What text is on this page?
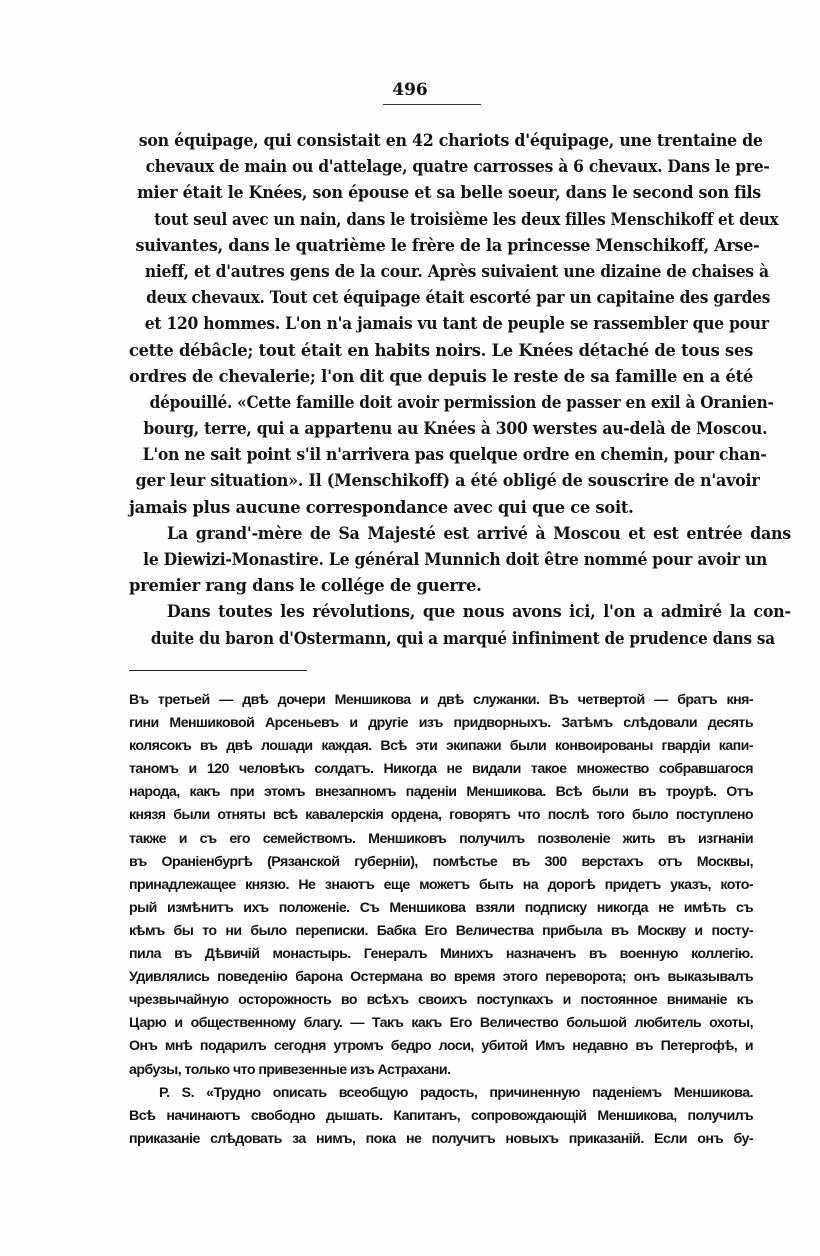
496
son équipage, qui consistait en 42 chariots d'équipage, une trentaine de
chevaux de main ou d'attelage, quatre carrosses à 6 chevaux. Dans le pre-
mier était le Knées, son épouse et sa belle soeur, dans le second son fils
tout seul avec un nain, dans le troisième les deux filles Menschikoff et deux
suivantes, dans le quatrième le frère de la princesse Menschikoff, Arse-
nieff, et d'autres gens de la cour. Après suivaient une dizaine de chaises à
deux chevaux. Tout cet équipage était escorté par un capitaine des gardes
et 120 hommes. L'on n'a jamais vu tant de peuple se rassembler que pour
cette débâcle; tout était en habits noirs. Le Knées détaché de tous ses
ordres de chevalerie; l'on dit que depuis le reste de sa famille en a été
dépouillé. «Cette famille doit avoir permission de passer en exil à Oranien-
bourg, terre, qui a appartenu au Knées à 300 werstes au-delà de Moscou.
L'on ne sait point s'il n'arrivera pas quelque ordre en chemin, pour chan-
ger leur situation». Il (Menschikoff) a été obligé de souscrire de n'avoir
jamais plus aucune correspondance avec qui que ce soit.
La grand'-mère de Sa Majesté est arrivé à Moscou et est entrée dans
le Diewizi-Monastire. Le général Munnich doit être nommé pour avoir un
premier rang dans le collége de guerre.
Dans toutes les révolutions, que nous avons ici, l'on a admiré la con-
duite du baron d'Ostermann, qui a marqué infiniment de prudence dans sa
Въ третьей — двѣ дочери Меншикова и двѣ служанки. Въ четвертой — братъ кня-
гини Меншиковой Арсеньевъ и другіе изъ придворныхъ. Затѣмъ слѣдовали десять
колясокъ въ двѣ лошади каждая. Всѣ эти экипажи были конвоированы гвардіи капи-
таномъ и 120 человѣкъ солдатъ. Никогда не видали такое множество собравшагося
народа, какъ при этомъ внезапномъ паденіи Меншикова. Всѣ были въ троурѣ. Отъ
князя были отняты всѣ кавалерскія ордена, говорятъ что послѣ того было поступлено
также и съ его семействомъ. Меншиковъ получилъ позволеніе жить въ изгнаніи
въ Ораніенбургѣ (Рязанской губерніи), помѣстье въ 300 верстахъ отъ Москвы,
принадлежащее князю. Не знаютъ еще можетъ быть на дорогѣ придетъ указъ, кото-
рый измѣнитъ ихъ положеніе. Съ Меншикова взяли подписку никогда не имѣть съ
кѣмъ бы то ни было переписки. Бабка Его Величества прибыла въ Москву и посту-
пила въ Дѣвичій монастырь. Генералъ Минихъ назначенъ въ военную коллегію.
Удивлялись поведенію барона Остермана во время этого переворота; онъ выказывалъ
чрезвычайную осторожность во всѣхъ своихъ поступкахъ и постоянное вниманіе къ
Царю и общественному благу. — Такъ какъ Его Величество большой любитель охоты,
Онъ мнѣ подарилъ сегодня утромъ бедро лоси, убитой Имъ недавно въ Петергофѣ, и
арбузы, только что привезенные изъ Астрахани.
P. S. «Трудно описать всеобщую радость, причиненную паденіемъ Меншикова.
Всѣ начинаютъ свободно дышать. Капитанъ, сопровождающій Меншикова, получилъ
приказаніе слѣдовать за нимъ, пока не получитъ новыхъ приказаній. Если онъ бу-
